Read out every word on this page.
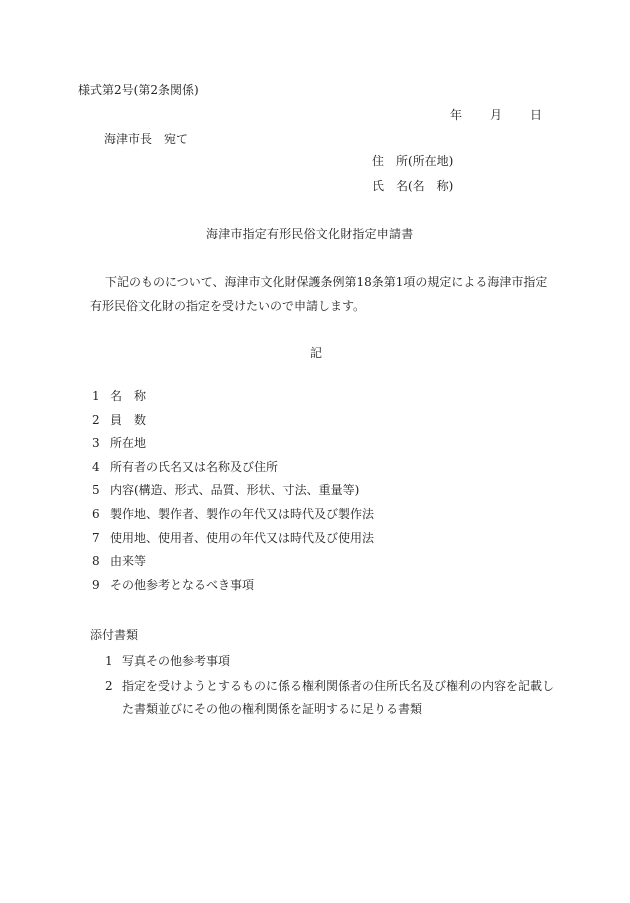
様式第2号(第2条関係)
年 月 日
海津市長　宛て
住　所(所在地)
氏　名(名　称)
海津市指定有形民俗文化財指定申請書
下記のものについて、海津市文化財保護条例第18条第1項の規定による海津市指定有形民俗文化財の指定を受けたいので申請します。
記
1 名　称
2 員　数
3 所在地
4 所有者の氏名又は名称及び住所
5 内容(構造、形式、品質、形状、寸法、重量等)
6 製作地、製作者、製作の年代又は時代及び製作法
7 使用地、使用者、使用の年代又は時代及び使用法
8 由来等
9 その他参考となるべき事項
添付書類
1 写真その他参考事項
2 指定を受けようとするものに係る権利関係者の住所氏名及び権利の内容を記載した書類並びにその他の権利関係を証明するに足りる書類
